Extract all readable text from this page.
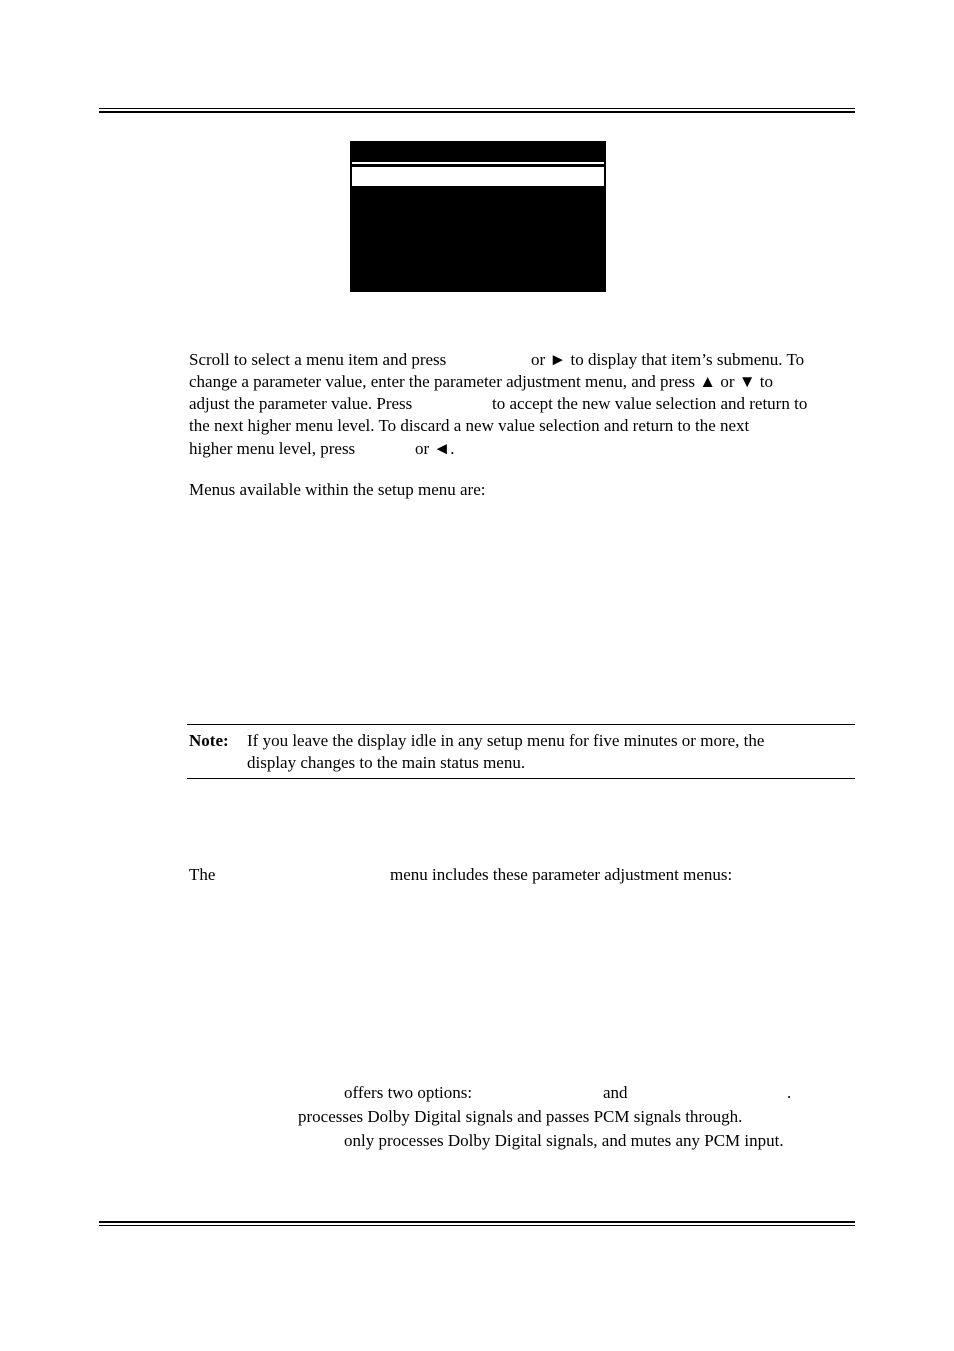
Scroll to select a menu item and press	or ► to display that item’s submenu. To
change a parameter value, enter the parameter adjustment menu, and press ▲ or ▼ to
adjust the parameter value. Press	to accept the new value selection and return to
the next higher menu level. To discard a new value selection and return to the next
higher menu level, press	or ◄.
Menus available within the setup menu are:
Note: If you leave the display idle in any setup menu for five minutes or more, the
display changes to the main status menu.
The	menu includes these parameter adjustment menus:
offers two options:	and	.
processes Dolby Digital signals and passes PCM signals through.
only processes Dolby Digital signals, and mutes any PCM input.
